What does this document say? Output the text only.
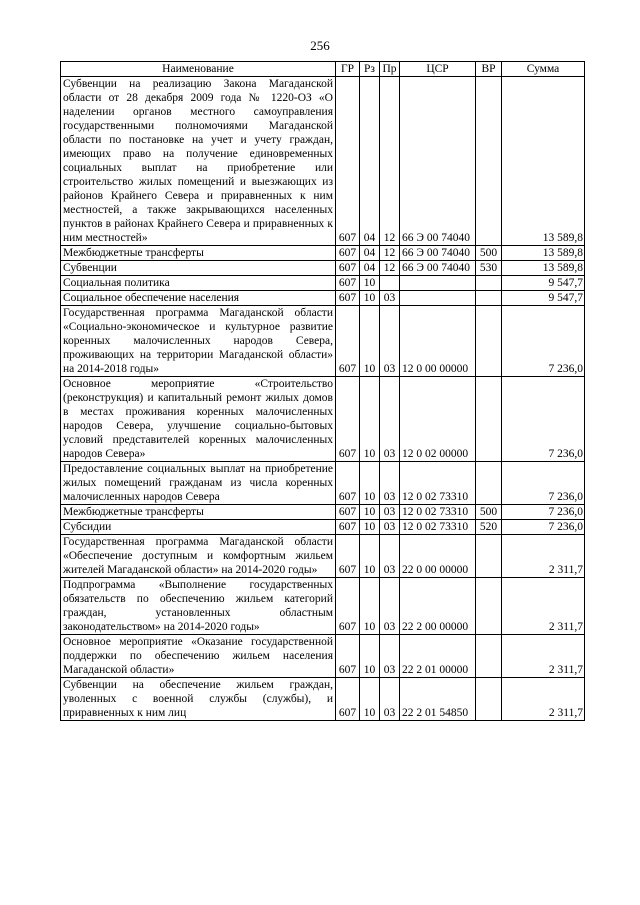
256
Наименование	ГР	Рз	Пр	ЦСР	ВР	Сумма
Субвенции на реализацию Закона Магаданской области от 28 декабря 2009 года № 1220-ОЗ «О наделении органов местного самоуправления государственными полномочиями Магаданской области по постановке на учет и учету граждан, имеющих право на получение единовременных социальных выплат на приобретение или строительство жилых помещений и выезжающих из районов Крайнего Севера и приравненных к ним местностей, а также закрывающихся населенных пунктов в районах Крайнего Севера и приравненных к ним местностей»	607	04	12	66 Э 00 74040		13 589,8
Межбюджетные трансферты	607	04	12	66 Э 00 74040	500	13 589,8
Субвенции	607	04	12	66 Э 00 74040	530	13 589,8
Социальная политика	607	10				9 547,7
Социальное обеспечение населения	607	10	03			9 547,7
Государственная программа Магаданской области «Социально-экономическое и культурное развитие коренных малочисленных народов Севера, проживающих на территории Магаданской области» на 2014-2018 годы»	607	10	03	12 0 00 00000		7 236,0
Основное мероприятие «Строительство (реконструкция) и капитальный ремонт жилых домов в местах проживания коренных малочисленных народов Севера, улучшение социально-бытовых условий представителей коренных малочисленных народов Севера»	607	10	03	12 0 02 00000		7 236,0
Предоставление социальных выплат на приобретение жилых помещений гражданам из числа коренных малочисленных народов Севера	607	10	03	12 0 02 73310		7 236,0
Межбюджетные трансферты	607	10	03	12 0 02 73310	500	7 236,0
Субсидии	607	10	03	12 0 02 73310	520	7 236,0
Государственная программа Магаданской области «Обеспечение доступным и комфортным жильем жителей Магаданской области» на 2014-2020 годы»	607	10	03	22 0 00 00000		2 311,7
Подпрограмма «Выполнение государственных обязательств по обеспечению жильем категорий граждан, установленных областным законодательством» на 2014-2020 годы»	607	10	03	22 2 00 00000		2 311,7
Основное мероприятие «Оказание государственной поддержки по обеспечению жильем населения Магаданской области»	607	10	03	22 2 01 00000		2 311,7
Субвенции на обеспечение жильем граждан, уволенных с военной службы (службы), и приравненных к ним лиц	607	10	03	22 2 01 54850		2 311,7
